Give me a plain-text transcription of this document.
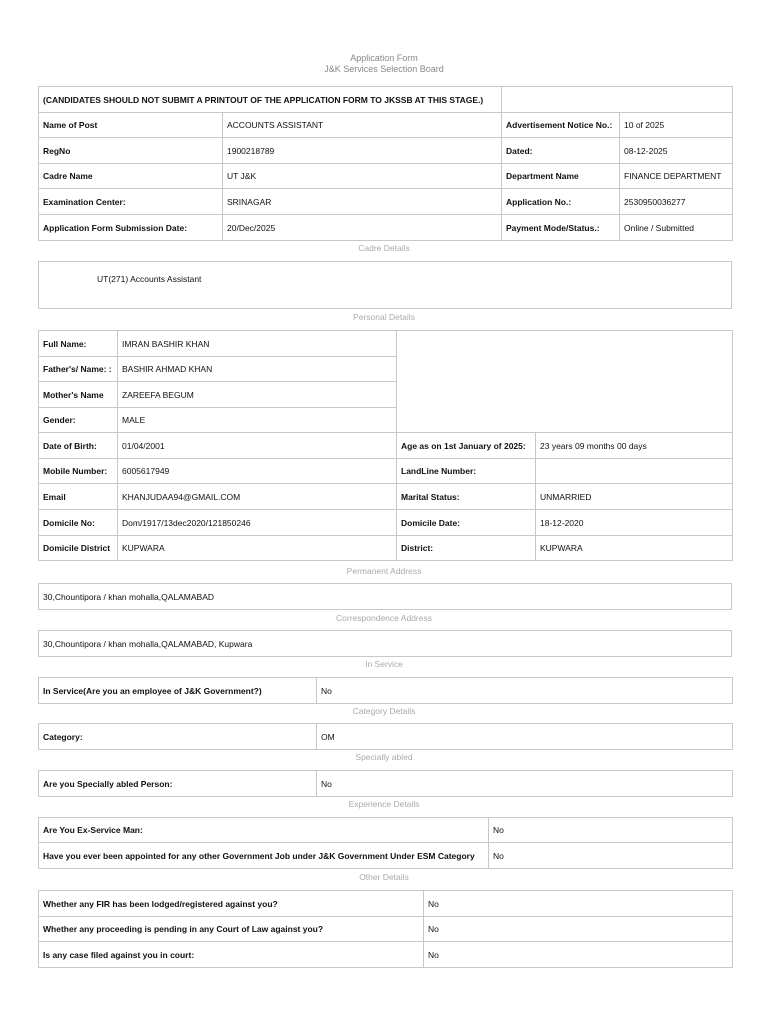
Application Form
J&K Services Selection Board
(CANDIDATES SHOULD NOT SUBMIT A PRINTOUT OF THE APPLICATION FORM TO JKSSB AT THIS STAGE.)			
Name of Post	ACCOUNTS ASSISTANT	Advertisement Notice No.:	10 of 2025
RegNo	1900218789	Dated:	08-12-2025
Cadre Name	UT J&K	Department Name	FINANCE DEPARTMENT
Examination Center:	SRINAGAR	Application No.:	2530950036277
Application Form Submission Date:	20/Dec/2025	Payment Mode/Status.:	Online / Submitted
Cadre Details
UT(271) Accounts Assistant
Personal Details
Full Name:	IMRAN BASHIR KHAN		
Father's/ Name: :	BASHIR AHMAD KHAN		
Mother's Name	ZAREEFA BEGUM		
Gender:	MALE		
Date of Birth:	01/04/2001	Age as on 1st January of 2025:	23 years 09 months 00 days
Mobile Number:	6005617949	LandLine Number:	
Email	KHANJUDAA94@GMAIL.COM	Marital Status:	UNMARRIED
Domicile No:	Dom/1917/13dec2020/121850246	Domicile Date:	18-12-2020
Domicile District	KUPWARA	District:	KUPWARA
Permanent Address
30,Chountipora / khan mohalla,QALAMABAD
Correspondence Address
30,Chountipora / khan mohalla,QALAMABAD, Kupwara
In Service
In Service(Are you an employee of J&K Government?)	No
Category Details
Category:	OM
Specially abled
Are you Specially abled Person:	No
Experience Details
Are You Ex-Service Man:	No
Have you ever been appointed for any other Government Job under J&K Government Under ESM Category	No
Other Details
Whether any FIR has been lodged/registered against you?	No
Whether any proceeding is pending in any Court of Law against you?	No
Is any case filed against you in court:	No
